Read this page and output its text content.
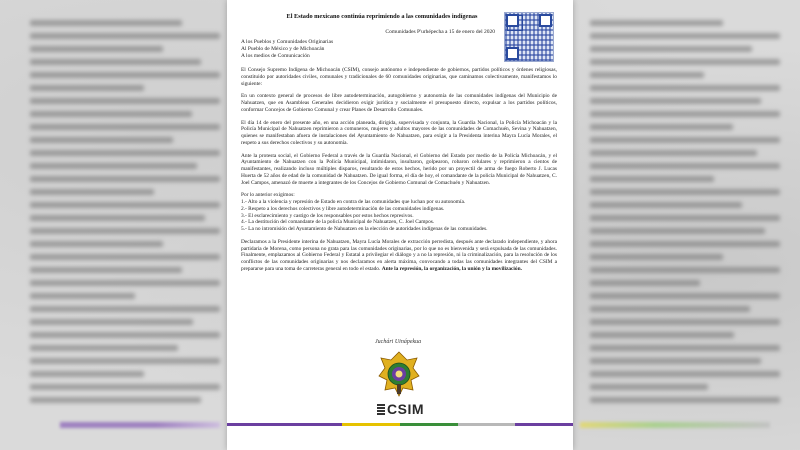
El Estado mexicano continúa reprimiendo a las comunidades indígenas
Comunidades P'urhépecha a 15 de enero del 2020
A los Pueblos y Comunidades Originarias
Al Pueblo de México y de Michoacán
A los medios de Comunicación

El Consejo Supremo Indígena de Michoacán (CSIM), consejo autónomo e independiente de gobiernos, partidos políticos y órdenes religiosas, constituido por autoridades civiles, comunales y tradicionales de 60 comunidades originarias, que caminamos colectivamente, manifestamos lo siguiente:

En un contexto general de procesos de libre autodeterminación, autogobierno y autonomía de las comunidades indígenas del Municipio de Nahuatzen, que en Asambleas Generales decidieron exigir jurídica y socialmente el presupuesto directo, expulsar a los partidos políticos, conformar Concejos de Gobierno Comunal y crear Planes de Desarrollo Comunales.

El día 14 de enero del presente año, en una acción planeada, dirigida, supervisada y conjunta, la Guardia Nacional, la Policía Michoacán y la Policía Municipal de Nahuatzen reprimieron a comuneros, mujeres y adultos mayores de las comunidades de Comachuén, Sevina y Nahuatzen, quienes se manifestaban afuera de instalaciones del Ayuntamiento de Nahuatzen, para exigir a la Presidenta interina Mayra Lucía Morales, el respeto a sus derechos colectivos y su autonomía.

Ante la protesta social, el Gobierno Federal a través de la Guardia Nacional, el Gobierno del Estado por medio de la Policía Michoacán, y el Ayuntamiento de Nahuatzen con la Policía Municipal, intimidaron, insultaron, golpearon, robaron celulares y reprimieron a cientos de manifestantes, realizando incluso múltiples disparos, resultando de estos hechos, herido por un proyectil de arma de fuego Roberto J. Lucas Huerta de 52 años de edad de la comunidad de Nahuatzen. De igual forma, el día de hoy, el comandante de la policía Municipal de Nahuatzen, C. Joel Campos, amenazó de muerte a integrantes de los Concejos de Gobierno Comunal de Comachuén y Nahuatzen.

Por lo anterior exigimos:
1.- Alto a la violencia y represión de Estado en contra de las comunidades que luchan por su autonomía.
2.- Respeto a los derechos colectivos y libre autodeterminación de las comunidades indígenas.
3.- El esclarecimiento y castigo de los responsables por estos hechos represivos.
4.- La destitución del comandante de la policía Municipal de Nahuatzen, C. Joel Campos.
5.- La no intromisión del Ayuntamiento de Nahuatzen en la elección de autoridades indígenas de las comunidades.

Declaramos a la Presidente interina de Nahuatzen, Mayra Lucía Morales de extracción perredista, después ante declarado independiente, y ahora partidaria de Morena, como persona no grata para las comunidades originarias, por lo que no es bienvenida y será expulsada de las comunidades. Finalmente, emplazamos al Gobierno Federal y Estatal a privilegiar el diálogo y a no la represión, ni la criminalización, para la resolución de los conflictos de las comunidades originarias y nos declaramos en alerta máxima, convocando a todas las comunidades integrantes del CSIM a prepararse para una toma de carreteras general en todo el estado. Ante la represión, la organización, la unión y la movilización.

Juchári Uinápekua
CSIM
